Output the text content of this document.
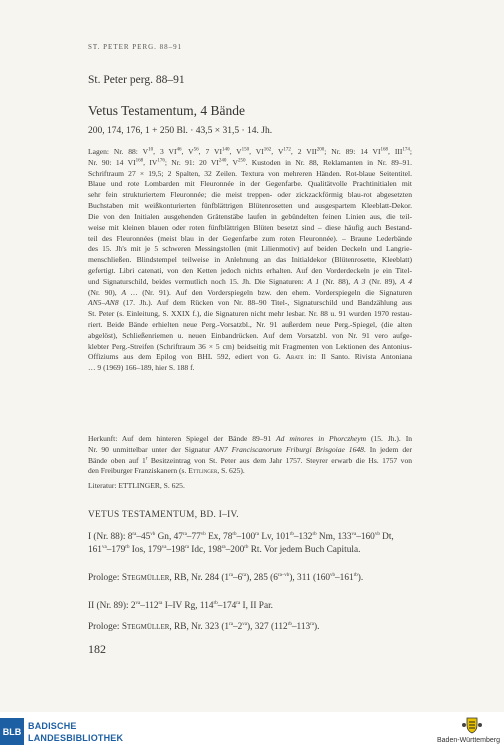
ST. PETER PERG. 88–91
St. Peter perg. 88–91
Vetus Testamentum, 4 Bände
200, 174, 176, 1 + 250 Bl. · 43,5 × 31,5 · 14. Jh.
Lagen: Nr. 88: $V^{10}$, 3 VI$^{46}$, $V^{56}$, 7 VI$^{140}$, $V^{150}$, VI$^{162}$, $V^{172}$, 2 VII$^{200}$; Nr. 89: 14 VI$^{168}$, III$^{174}$;
Nr. 90: 14 VI$^{168}$, IV$^{176}$; Nr. 91: 20 VI$^{240}$, $V^{250}$. Kustoden in Nr. 88, Reklamanten in Nr. 89–91.
Schriftraum 27 × 19,5; 2 Spalten, 32 Zeilen. Textura von mehreren Händen. Rot-blaue Seitentitel.
Blaue und rote Lombarden mit Fleuronnée in der Gegenfarbe. Qualitätvolle Prachtinitialen mit
sehr fein strukturiertem Fleuronnée; die meist treppen- oder zickzackförmig blau-rot abgesetzten
Buchstaben mit weißkonturierten fünfblättrigen Blütenrosetten und ausgespartem Kleeblatt-Dekor.
Die von den Initialen ausgehenden Grätenstäbe laufen in gebündelten feinen Linien aus, die teil-
weise mit kleinen blauen oder roten fünfblättrigen Blüten besetzt sind – diese häufig auch Bestand-
teil des Fleuronnées (meist blau in der Gegenfarbe zum roten Fleuronnée). – Braune Lederbände
des 15. Jh's mit je 5 schweren Messingstollen (mit Lilienmotiv) auf beiden Deckeln und Langrie-
menschließen. Blindstempel teilweise in Anlehnung an das Initialdekor (Blütenrosette, Kleeblatt)
gefertigt. Libri catenati, von den Ketten jedoch nichts erhalten. Auf den Vorderdeckeln je ein Titel-
und Signaturschild, beides vermutlich noch 15. Jh. Die Signaturen: A 1 (Nr. 88), A 3 (Nr. 89), A 4
(Nr. 90), A … (Nr. 91). Auf den Vorderspiegeln bzw. den ehem. Vorderspiegeln die Signaturen
AN5–AN8 (17. Jh.). Auf dem Rücken von Nr. 88–90 Titel-, Signaturschild und Bandzählung aus
St. Peter (s. Einleitung, S. XXIX f.), die Signaturen nicht mehr lesbar. Nr. 88 u. 91 wurden 1970 restau-
riert. Beide Bände erhielten neue Perg.-Vorsatzbl., Nr. 91 außerdem neue Perg.-Spiegel, (die alten
abgelöst), Schließenriemen u. neuen Einbandrücken. Auf dem Vorsatzbl. von Nr. 91 vero aufge-
klebter Perg.-Streifen (Schriftraum 36 × 5 cm) beidseitig mit Fragmenten von Lektionen des Antonius-
Offiziums aus dem Epilog von BHL 592, ediert von G. Abate in: Il Santo. Rivista Antoniana
… 9 (1969) 166–189, hier S. 188 f.
Herkunft: Auf dem hinteren Spiegel der Bände 89–91 Ad minores in Phorczheym (15. Jh.). In
Nr. 90 unmittelbar unter der Signatur AN7 Franciscanorum Friburgi Brisgoiae 1648. In jedem der
Bände oben auf 1$^r$ Besitzeintrag von St. Peter aus dem Jahr 1757. Steyrer erwarb die Hs. 1757 von
den Freiburger Franziskanern (s. Ettlinger, S. 625).
Literatur: ETTLINGER, S. 625.
VETUS TESTAMENTUM, BD. I–IV.
I (Nr. 88): $8^{ra}-45^{vb}$ Gn, $47^{ra}-77^{vb}$ Ex, $78^{rb}-100^{ra}$ Lv, $101^{rb}-132^{rb}$ Nm, $133^{va}-160^{vb}$ Dt,
$161^{va}-179^{rb}$ Ios, $179^{va}-198^{ra}$ Idc, $198^{ra}-200^{rb}$ Rt. Vor jedem Buch Capitula.
Prologe: Stegmüller, RB, Nr. 284 $(1^{ra}-6^{ra})$, 285 $(6^{ra-vb})$, 311 $(160^{vb}-161^{rb})$.
II (Nr. 89): $2^{va}-112^{ra}$ I–IV Rg, $114^{rb}-174^{ra}$ I, II Par.
Prologe: Stegmüller, RB, Nr. 323 $(1^{ra}-2^{va})$, 327 $(112^{rb}-113^{ra})$.
182
BLB
BADISCHE
LANDESBIBLIOTHEK	Baden-Württemberg
